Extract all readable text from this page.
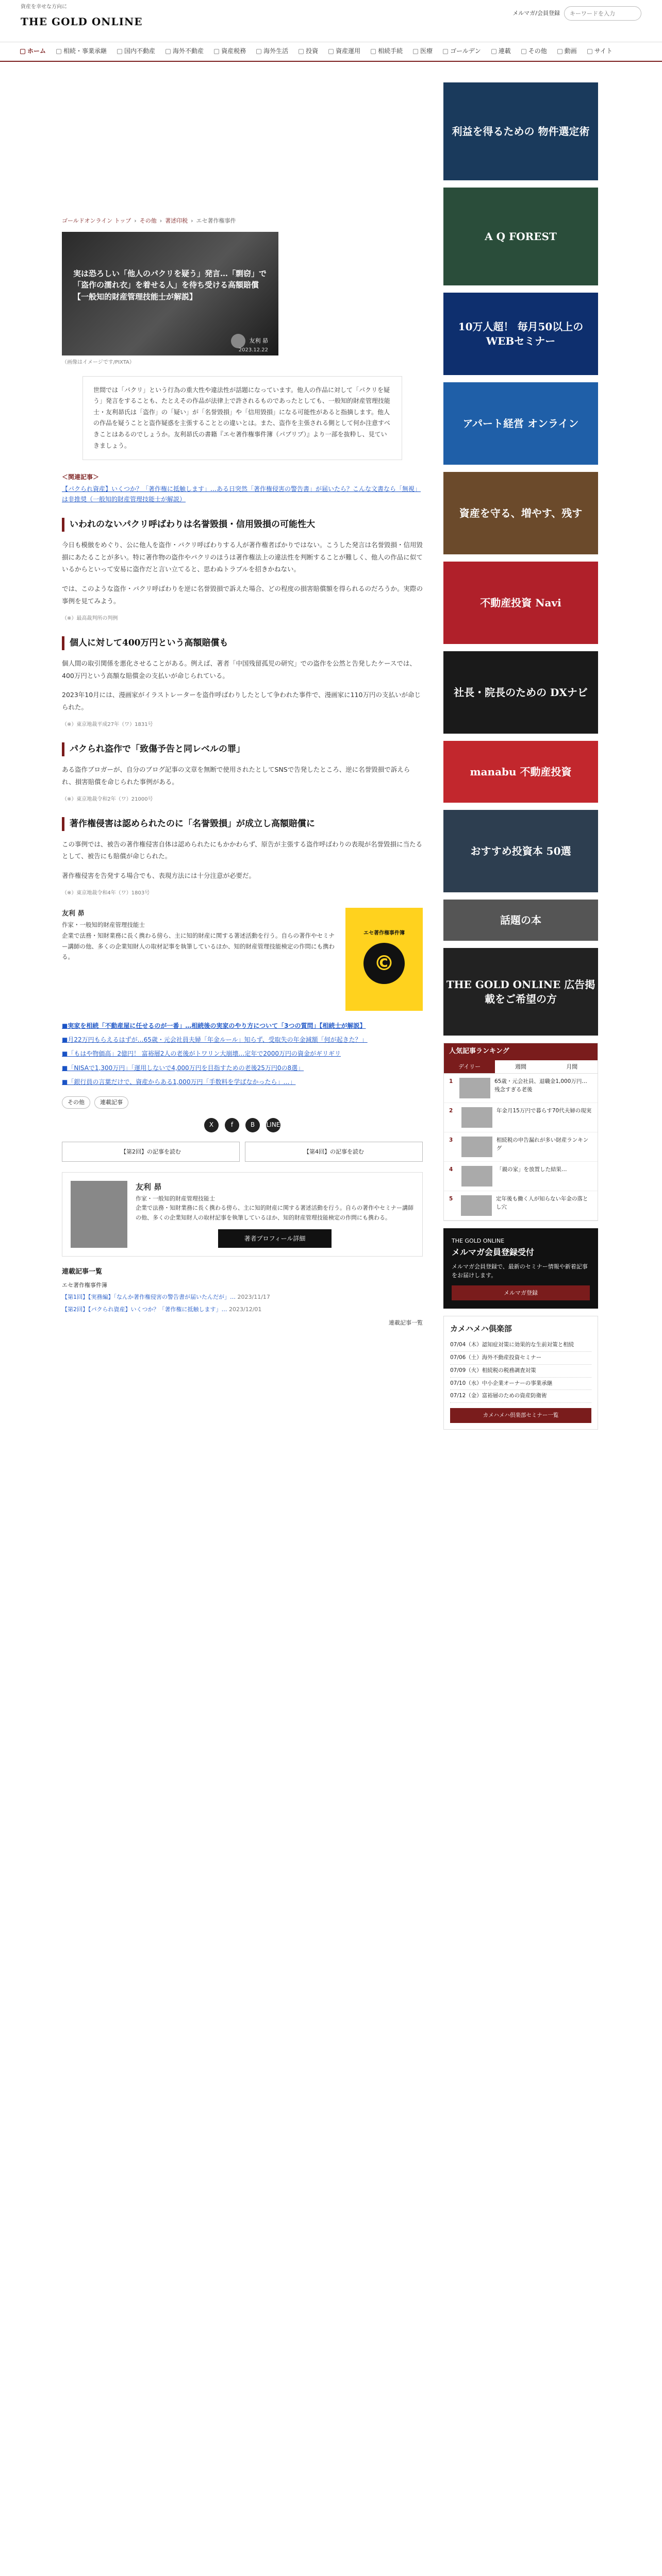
資産を幸せな方向に
THE GOLD ONLINE
メルマガ/会員登録
キーワードを入力
ホーム	相続・事業承継	国内不動産	海外不動産	資産税務	海外生活	投資	資産運用	相続手続	医療	ゴールデン	連載	その他	動画	サイト
ゴールドオンライン トップ › その他 › 著述印税 › エセ著作権事件
実は恐ろしい「他人のパクリを疑う」発言…「剽窃」で「盗作の濡れ衣」を着せる人」を待ち受ける高額賠償【一般知的財産管理技能士が解説】
友利 昴
2023.12.22
（画像はイメージです/PIXTA）
世間では「パクリ」という行為の重大性や違法性が話題になっています。他人の作品に対して「パクリを疑う」発言をすることも、たとえその作品が法律上で許されるものであったとしても、一般知的財産管理技能士・友利昴氏は「盗作」の「疑い」が「名誉毀損」や「信用毀損」になる可能性があると指摘します。他人の作品を疑うことと盗作疑惑を主張することとの違いとは。また、盗作を主張される側として何か注意すべきことはあるのでしょうか。友利昴氏の書籍『エセ著作権事件簿（パブリブ）』より一部を抜粋し、見ていきましょう。
＜関連記事＞
【パクられ資産】いくつか？「著作権に抵触します」…ある日突然「著作権侵害の警告書」が届いたら？こんな文書なら「無視」は非推奨（一般知的財産管理技能士が解説）
いわれのないパクリ呼ばわりは名誉毀損・信用毀損の可能性大

今日も模倣をめぐり、公に他人を盗作・パクリ呼ばわりする人が著作権者ばかりではない。こうした発言は名誉毀損・信用毀損にあたることが多い。特に著作物の盗作やパクリのほうは著作権法上の違法性を判断することが難しく、他人の作品に似ているからといって安易に盗作だと言い立てると、思わぬトラブルを招きかねない。

では、このような盗作・パクリ呼ばわりを逆に名誉毀損で訴えた場合、どの程度の損害賠償額を得られるのだろうか。実際の事例を見てみよう。

（※）最高裁判所の判例

個人に対して400万円という高額賠償も

個人間の取引関係を悪化させることがある。例えば、著者「中国残留孤児の研究」での盗作を公然と告発したケースでは、400万円という高額な賠償金の支払いが命じられている。

2023年10月には、漫画家がイラストレーターを盗作呼ばわりしたとして争われた事件で、漫画家に110万円の支払いが命じられた。

（※）東京地裁平成27年（ワ）1831号

パクられ盗作で「致傷予告と同レベルの罪」

ある盗作ブロガーが、自分のブログ記事の文章を無断で使用されたとしてSNSで告発したところ、逆に名誉毀損で訴えられ、損害賠償を命じられた事例がある。

（※）東京地裁令和2年（ワ）21000号

著作権侵害は認められたのに「名誉毀損」が成立し高額賠償に

この事例では、被告の著作権侵害自体は認められたにもかかわらず、原告が主張する盗作呼ばわりの表現が名誉毀損に当たるとして、被告にも賠償が命じられた。

著作権侵害を告発する場合でも、表現方法には十分注意が必要だ。

（※）東京地裁令和4年（ワ）1803号

友利 昴
作家・一般知的財産管理技能士
企業で法務・知財業務に長く携わる傍ら、主に知的財産に関する著述活動を行う。自らの著作やセミナー講師の他、多くの企業知財人の取材記事を執筆しているほか、知的財産管理技能検定の作問にも携わる。
エセ著作権事件簿
©
■実家を相続「不動産屋に任せるのが一番」…相続後の実家のやり方について「3つの質問」【相続士が解説】
■月22万円もらえるはずが…65歳・元会社員夫婦「年金ルール」知らず、受取失の年金減額「何が起きた？」
■「もはや物価高」2億円！ 富裕層2人の老後がトワリン大崩壊…定年で2000万円の資金がギリギリ
■「NISAで1,300万円」「運用しないで4,000万円を目指すための老後25万円0の8選」
■「銀行員の言葉だけで、資産からある1,000万円「手数料を学ばなかったら」…」
その他	連載記事
X	f	B	LINE
【第2回】の記事を読む	【第4回】の記事を読む
友利 昴
作家・一般知的財産管理技能士
企業で法務・知財業務に長く携わる傍ら、主に知的財産に関する著述活動を行う。自らの著作やセミナー講師の他、多くの企業知財人の取材記事を執筆しているほか、知的財産管理技能検定の作問にも携わる。
著者プロフィール詳細
連載記事一覧
エセ著作権事件簿
【第1回】【実務編】「なんか著作権侵害の警告書が届いたんだが」… 2023/11/17
【第2回】【パクられ資産】いくつか？「著作権に抵触します」… 2023/12/01
連載記事一覧
利益を得るための 物件選定術
A Q FOREST
10万人超！ 毎月50以上の WEBセミナー
アパート経営 オンライン
資産を守る、増やす、残す
不動産投資 Navi
社長・院長のための DXナビ
manabu 不動産投資
おすすめ投資本 50選
話題の本
THE GOLD ONLINE 広告掲載をご希望の方
人気記事ランキング
デイリー	週間	月間
1	65歳・元会社員、退職金1,000万円…残念すぎる老後
2	年金月15万円で暮らす70代夫婦の現実
3	相続税の申告漏れが多い財産ランキング
4	「親の家」を放置した結果…
5	定年後も働く人が知らない年金の落とし穴
THE GOLD ONLINE
メルマガ会員登録受付
メルマガ会員登録で、最新のセミナー情報や新着記事をお届けします。
メルマガ登録
カメハメハ倶楽部
07/04（木）認知症対策に効果的な生前対策と相続
07/06（土）海外不動産投資セミナー
07/09（火）相続税の税務調査対策
07/10（水）中小企業オーナーの事業承継
07/12（金）富裕層のための資産防衛術
カメハメハ倶楽部セミナー一覧
